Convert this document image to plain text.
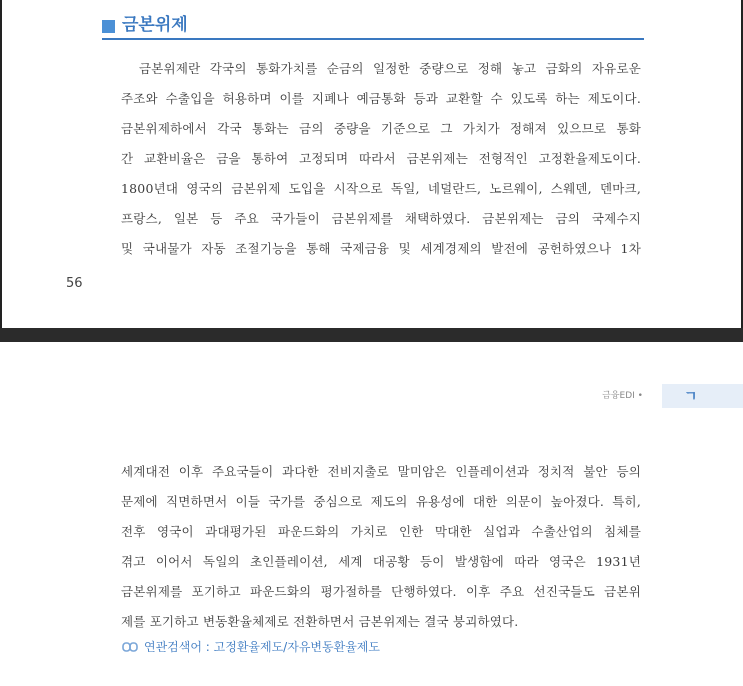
금본위제
금본위제란 각국의 통화가치를 순금의 일정한 중량으로 정해 놓고 금화의 자유로운
주조와 수출입을 허용하며 이를 지폐나 예금통화 등과 교환할 수 있도록 하는 제도이다.
금본위제하에서 각국 통화는 금의 중량을 기준으로 그 가치가 정해져 있으므로 통화
간 교환비율은 금을 통하여 고정되며 따라서 금본위제는 전형적인 고정환율제도이다.
1800년대 영국의 금본위제 도입을 시작으로 독일, 네덜란드, 노르웨이, 스웨덴, 덴마크,
프랑스, 일본 등 주요 국가들이 금본위제를 채택하였다. 금본위제는 금의 국제수지
및 국내물가 자동 조절기능을 통해 국제금융 및 세계경제의 발전에 공헌하였으나 1차
56
금융EDI •	ㄱ
세계대전 이후 주요국들이 과다한 전비지출로 말미암은 인플레이션과 정치적 불안 등의
문제에 직면하면서 이들 국가를 중심으로 제도의 유용성에 대한 의문이 높아졌다. 특히,
전후 영국이 과대평가된 파운드화의 가치로 인한 막대한 실업과 수출산업의 침체를
겪고 이어서 독일의 초인플레이션, 세계 대공황 등이 발생함에 따라 영국은 1931년
금본위제를 포기하고 파운드화의 평가절하를 단행하였다. 이후 주요 선진국들도 금본위
제를 포기하고 변동환율체제로 전환하면서 금본위제는 결국 붕괴하였다.
연관검색어 : 고정환율제도/자유변동환율제도
